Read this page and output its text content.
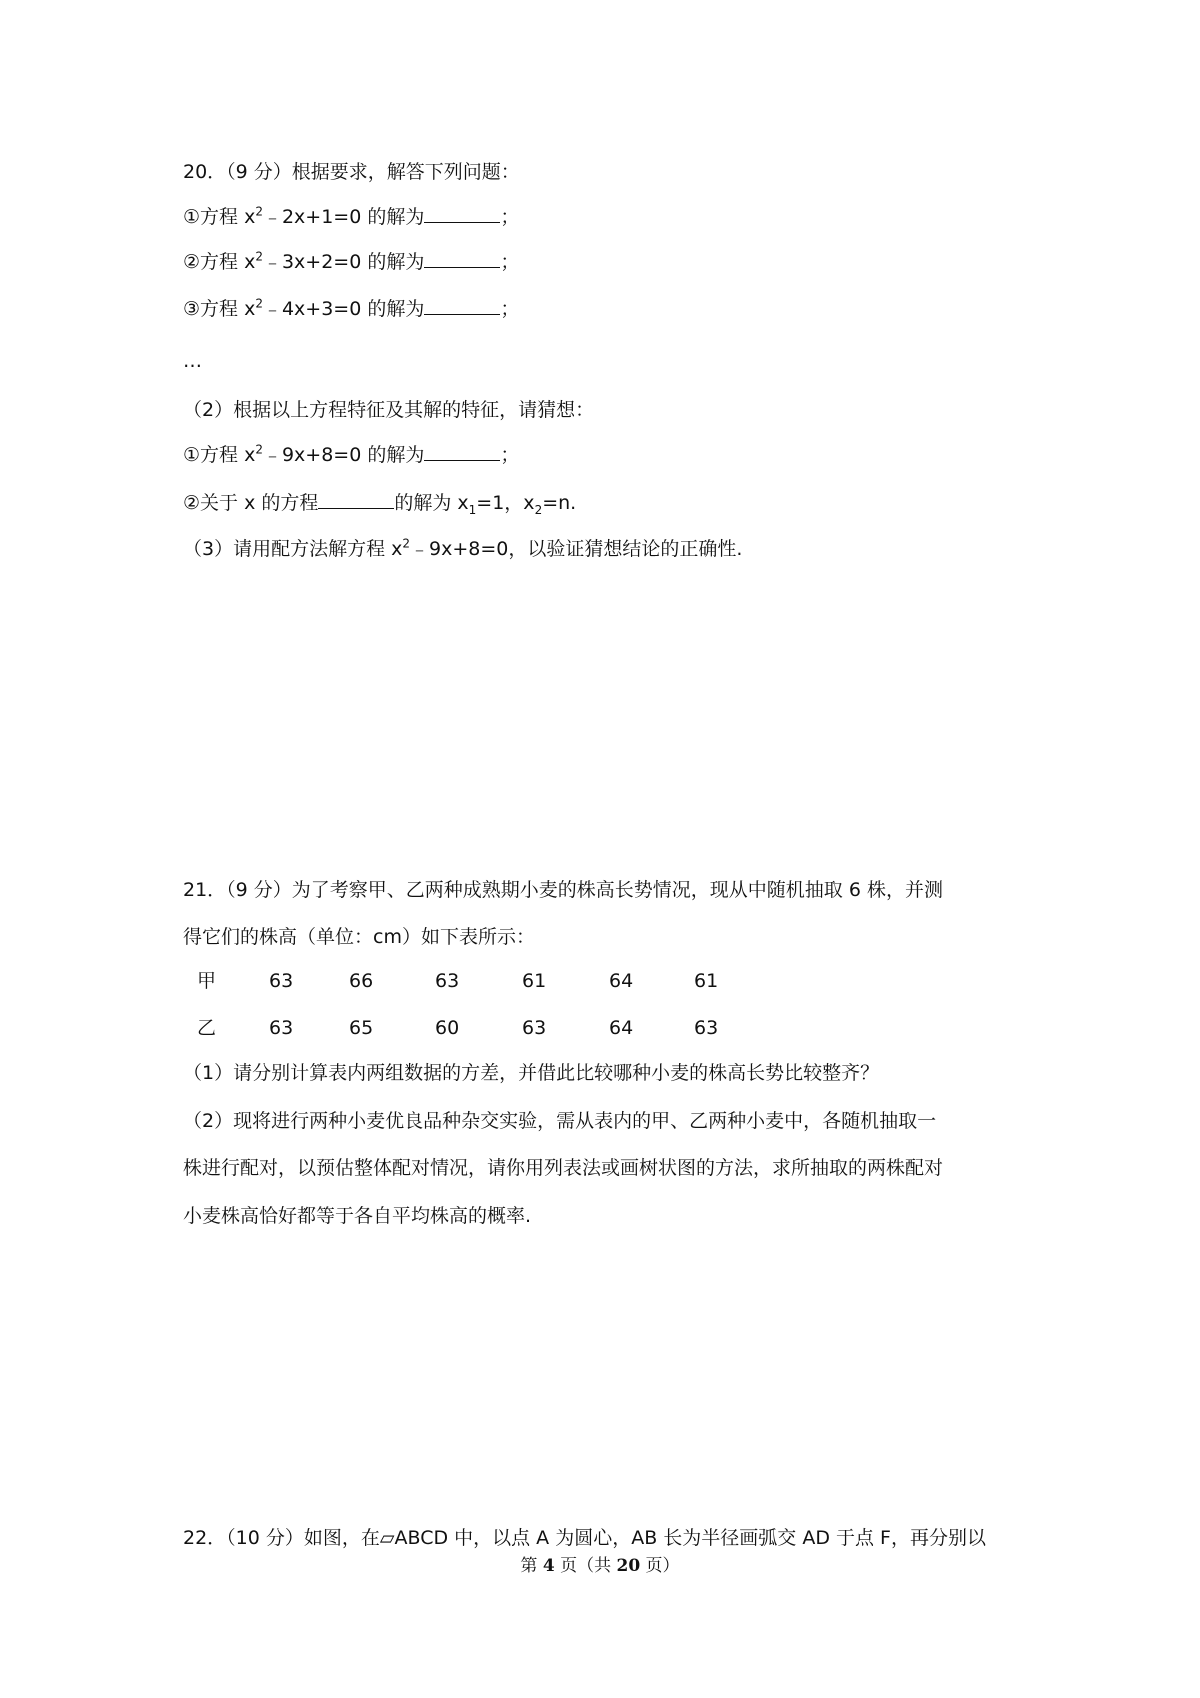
20．（9 分）根据要求，解答下列问题：
①方程 $x^2﹣2x+1=0$ 的解为	；
②方程 $x^2﹣3x+2=0$ 的解为	；
③方程 $x^2﹣4x+3=0$ 的解为	；
…
（2）根据以上方程特征及其解的特征，请猜想：
①方程 $x^2﹣9x+8=0$ 的解为	；
②关于 x 的方程	的解为 $x_1=1$，$x_2=n$.
（3）请用配方法解方程 $x^2﹣9x+8=0$，以验证猜想结论的正确性.
21．（9 分）为了考察甲、乙两种成熟期小麦的株高长势情况，现从中随机抽取 6 株，并测
得它们的株高（单位：cm）如下表所示：
甲	63	66	63	61	64	61
乙	63	65	60	63	64	63
（1）请分别计算表内两组数据的方差，并借此比较哪种小麦的株高长势比较整齐？
（2）现将进行两种小麦优良品种杂交实验，需从表内的甲、乙两种小麦中，各随机抽取一
株进行配对，以预估整体配对情况，请你用列表法或画树状图的方法，求所抽取的两株配对
小麦株高恰好都等于各自平均株高的概率.
22．（10 分）如图，在▱ABCD 中，以点 A 为圆心，AB 长为半径画弧交 AD 于点 F，再分别以
第 4 页（共 20 页）
